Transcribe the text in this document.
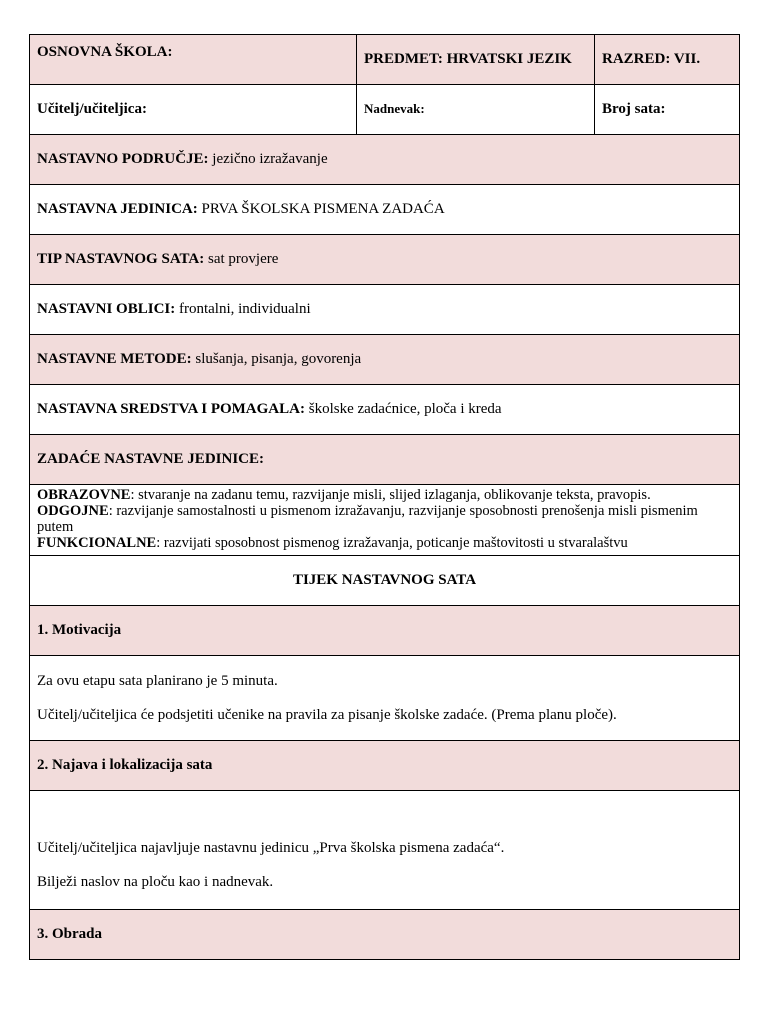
OSNOVNA ŠKOLA:	PREDMET: HRVATSKI JEZIK	RAZRED: VII.
Učitelj/učiteljica:	Nadnevak:	Broj sata:
NASTAVNO PODRUČJE: jezično izražavanje		
NASTAVNA JEDINICA: PRVA ŠKOLSKA PISMENA ZADAĆA		
TIP NASTAVNOG SATA: sat provjere		
NASTAVNI OBLICI: frontalni, individualni		
NASTAVNE METODE: slušanja, pisanja, govorenja		
NASTAVNA SREDSTVA I POMAGALA: školske zadaćnice, ploča i kreda		
ZADAĆE NASTAVNE JEDINICE:		

OBRAZOVNE: stvaranje na zadanu temu, razvijanje misli, slijed izlaganja, oblikovanje teksta, pravopis.
ODGOJNE: razvijanje samostalnosti u pismenom izražavanju, razvijanje sposobnosti prenošenja misli pismenim putem
FUNKCIONALNE: razvijati sposobnost pismenog izražavanja, poticanje maštovitosti u stvaralaštvu		

TIJEK NASTAVNOG SATA		
1. Motivacija		

Za ovu etapu sata planirano je 5 minuta.

Učitelj/učiteljica će podsjetiti učenike na pravila za pisanje školske zadaće. (Prema planu ploče).		

2. Najava i lokalizacija sata		

Učitelj/učiteljica najavljuje nastavnu jedinicu „Prva školska pismena zadaća“.

Bilježi naslov na ploču kao i nadnevak.		

3. Obrada		
